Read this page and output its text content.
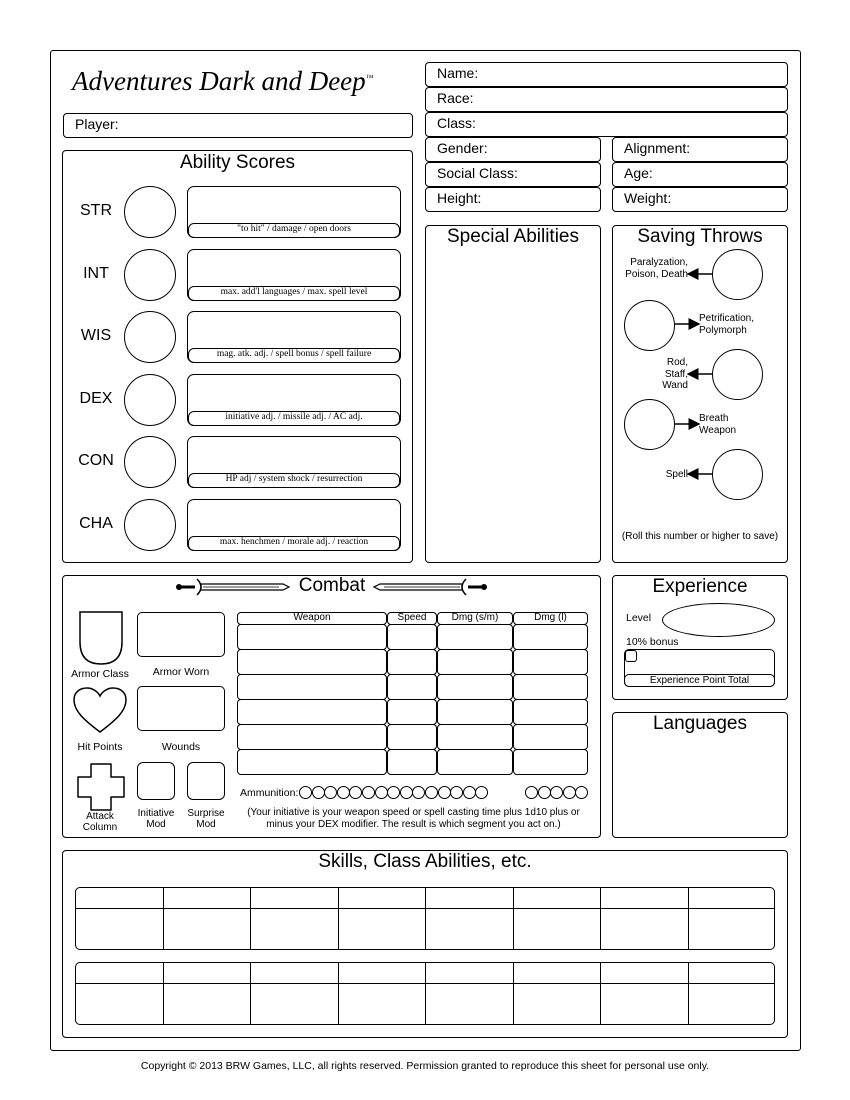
Adventures Dark and Deep™
Player:
Name:
Race:
Class:
Gender:	Alignment:
Social Class:	Age:
Height:	Weight:
Ability Scores
STR
"to hit" / damage / open doors
INT
max. add'l languages / max. spell level
WIS
mag. atk. adj. / spell bonus / spell failure
DEX
initiative adj. / missile adj. / AC adj.
CON
HP adj / system shock / resurrection
CHA
max. henchmen / morale adj. / reaction
Special Abilities	Saving Throws
Paralyzation, Poison, Death
Petrification, Polymorph
Rod, Staff, Wand
Breath Weapon
Spell
(Roll this number or higher to save)
Combat
Armor Class	Armor Worn
Hit Points	Wounds
Attack Column
Initiative Mod
Surprise Mod
Weapon	Speed	Dmg (s/m)	Dmg (l)
Ammunition:
(Your initiative is your weapon speed or spell casting time plus 1d10 plus or minus your DEX modifier. The result is which segment you act on.)
Experience
Level
10% bonus
Experience Point Total
Languages
Skills, Class Abilities, etc.
Copyright © 2013 BRW Games, LLC, all rights reserved. Permission granted to reproduce this sheet for personal use only.
